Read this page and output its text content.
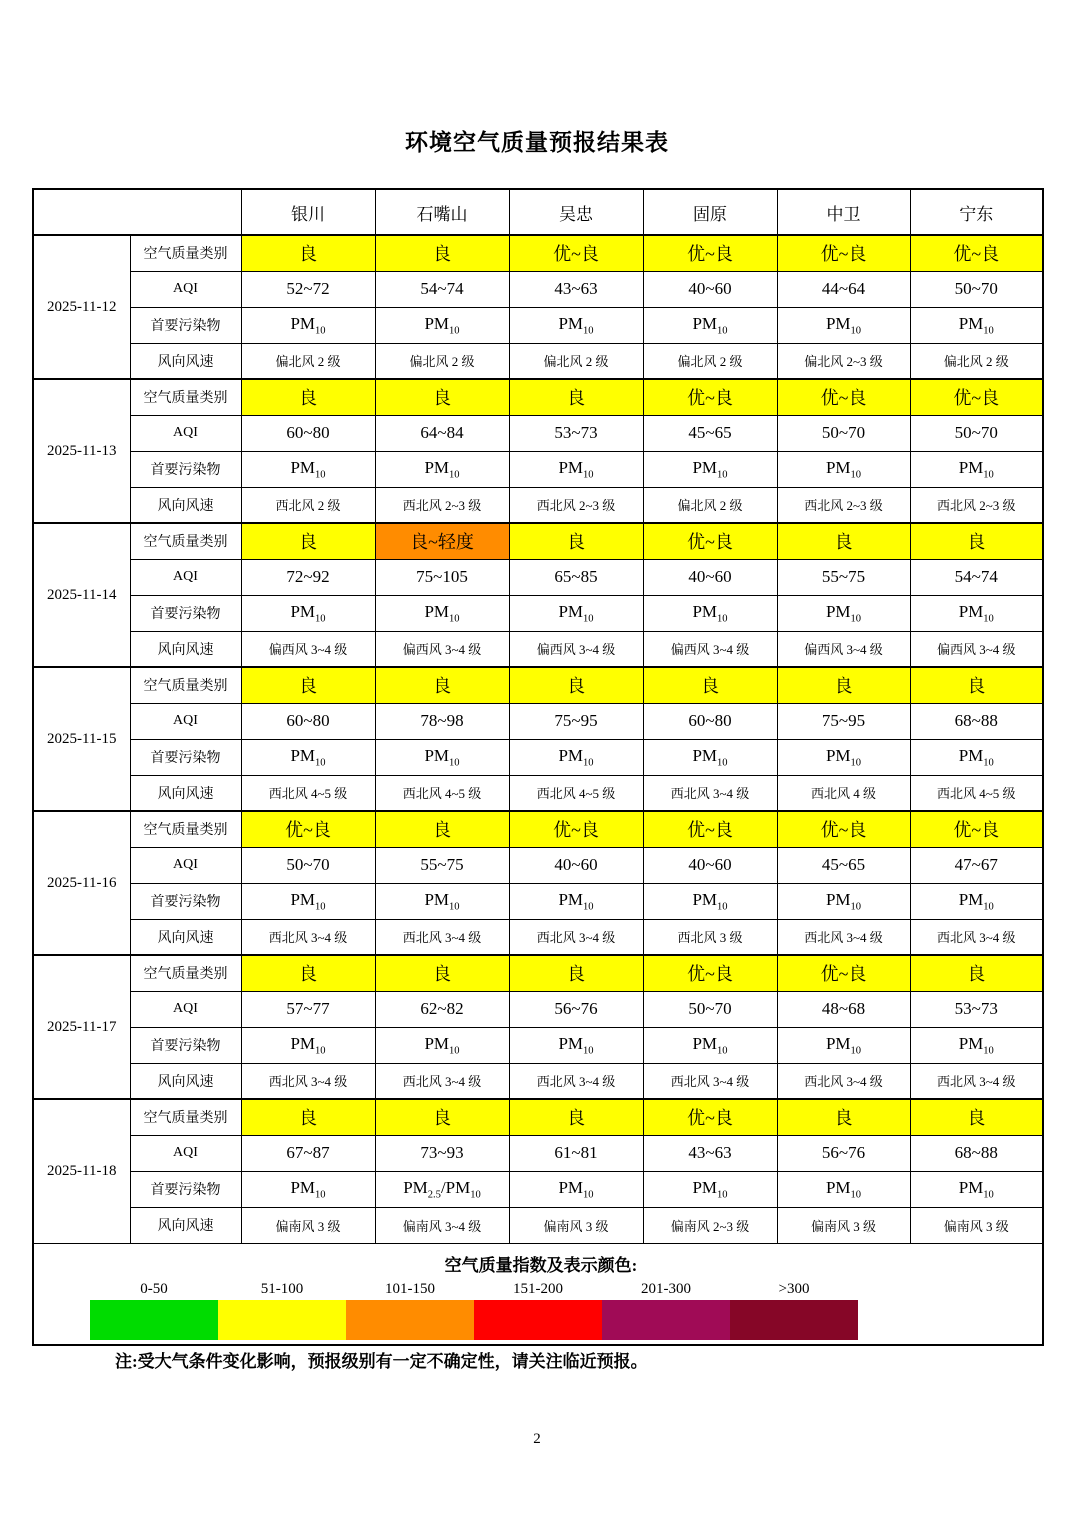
环境空气质量预报结果表
		银川	石嘴山	吴忠	固原	中卫	宁东
2025-11-12	空气质量类别	良	良	优~良	优~良	优~良	优~良
	AQI	52~72	54~74	43~63	40~60	44~64	50~70
	首要污染物	$PM_{10}$	$PM_{10}$	$PM_{10}$	$PM_{10}$	$PM_{10}$	$PM_{10}$
	风向风速	偏北风 2 级	偏北风 2 级	偏北风 2 级	偏北风 2 级	偏北风 2~3 级	偏北风 2 级
2025-11-13	空气质量类别	良	良	良	优~良	优~良	优~良
	AQI	60~80	64~84	53~73	45~65	50~70	50~70
	首要污染物	$PM_{10}$	$PM_{10}$	$PM_{10}$	$PM_{10}$	$PM_{10}$	$PM_{10}$
	风向风速	西北风 2 级	西北风 2~3 级	西北风 2~3 级	偏北风 2 级	西北风 2~3 级	西北风 2~3 级
2025-11-14	空气质量类别	良	良~轻度	良	优~良	良	良
	AQI	72~92	75~105	65~85	40~60	55~75	54~74
	首要污染物	$PM_{10}$	$PM_{10}$	$PM_{10}$	$PM_{10}$	$PM_{10}$	$PM_{10}$
	风向风速	偏西风 3~4 级	偏西风 3~4 级	偏西风 3~4 级	偏西风 3~4 级	偏西风 3~4 级	偏西风 3~4 级
2025-11-15	空气质量类别	良	良	良	良	良	良
	AQI	60~80	78~98	75~95	60~80	75~95	68~88
	首要污染物	$PM_{10}$	$PM_{10}$	$PM_{10}$	$PM_{10}$	$PM_{10}$	$PM_{10}$
	风向风速	西北风 4~5 级	西北风 4~5 级	西北风 4~5 级	西北风 3~4 级	西北风 4 级	西北风 4~5 级
2025-11-16	空气质量类别	优~良	良	优~良	优~良	优~良	优~良
	AQI	50~70	55~75	40~60	40~60	45~65	47~67
	首要污染物	$PM_{10}$	$PM_{10}$	$PM_{10}$	$PM_{10}$	$PM_{10}$	$PM_{10}$
	风向风速	西北风 3~4 级	西北风 3~4 级	西北风 3~4 级	西北风 3 级	西北风 3~4 级	西北风 3~4 级
2025-11-17	空气质量类别	良	良	良	优~良	优~良	良
	AQI	57~77	62~82	56~76	50~70	48~68	53~73
	首要污染物	$PM_{10}$	$PM_{10}$	$PM_{10}$	$PM_{10}$	$PM_{10}$	$PM_{10}$
	风向风速	西北风 3~4 级	西北风 3~4 级	西北风 3~4 级	西北风 3~4 级	西北风 3~4 级	西北风 3~4 级
2025-11-18	空气质量类别	良	良	良	优~良	良	良
	AQI	67~87	73~93	61~81	43~63	56~76	68~88
	首要污染物	$PM_{10}$	$PM_{2.5}/PM_{10}$	$PM_{10}$	$PM_{10}$	$PM_{10}$	$PM_{10}$
	风向风速	偏南风 3 级	偏南风 3~4 级	偏南风 3 级	偏南风 2~3 级	偏南风 3 级	偏南风 3 级

空气质量指数及表示颜色:
0-50	51-100	101-150	151-200	201-300	>300
注:受大气条件变化影响，预报级别有一定不确定性，请关注临近预报。
2
